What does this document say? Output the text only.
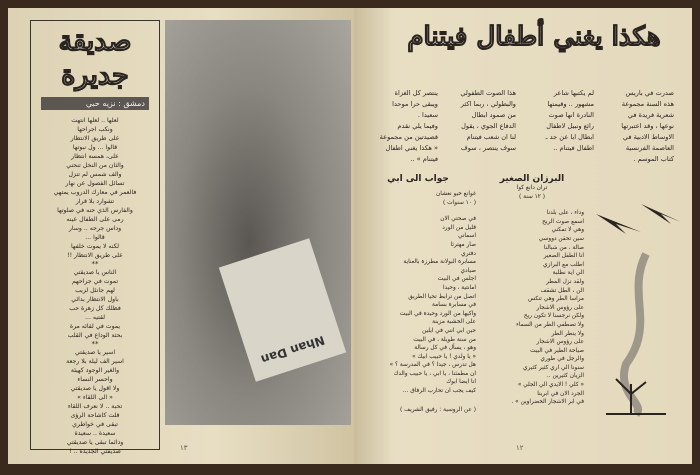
صديقة
جديرة
دمشق : نزيه حبي
لعلها .. لعلها انتهت
ونكب اجراحها
على طريق الانتظار
قالوا ... ول نبوتها
على، همسة انتظار
والثان من النخل تنحني
والف شمس لم تنزل
تسائل الفصول عن نهار
فالعمر في معارك الدروب يمتهي
تشوارد بلا قرار
والفارس الذي حنه في صلوتها
رمى على الطفال عينه
وداس جرحه .. وسار
قالوا ...
لكنه لا يموت خلفها
على طريق الانتظار !!
**
الناس يا صديقتي
تموت في جراحهم
لهم جانئل لزيب
باول الانتظار بدائي
فظلك كل زهرة حب
لقتيه ...
يموت في لقائه مرة
بحثة الوداع في القلب
**
اسير يا صديقتي
اسير الف ليلة بلا رجعة
والغير الوجود كهيئة
واحسر النساء
ولا اقول يا صديقتي
« الى اللقاء »
تحبة .. لا نعرف اللقاء
قلت كاشاحة الرؤى
تبقى في خواطري
سعيدة .. سعيدة
ودائما تبقى يا صديقتي
صديقتي الجديدة .. !
Nhan Dan
١٣
هكذا يغني أطفال فيتنام
صدرت في باريس
هذه السنة مجموعة
شعرية فريدة في
نوعها ، وقد اعتبرتها
الاوساط الادبية في
العاصمة الفرنسية
كتاب الموسم .
لم يكتبها شاعر
مشهور .. وقيمتها
النادرة انها صوت
رائع ونبيل لاطفال
ابطال ابا عن جد ـ
اطفال فيتنام ..
هذا الصوت الطفولي
والبطولي ، ربما اكثر
من صمود ابطال
الدفاع الجوي ، يقول
لنا ان شعب فيتنام
سوف ينتصر ، سوف
ينتصر كل الغزاة
ويبقى حرا موحدا
سعيدا .
وفيما يلي نقدم
قصيدتين من مجموعة
« هكذا يغني اطفال
فيتنام » ..
البرزان الصغير
تران دانغ كوا
( ١٢ سنة )
وداء ، على بلدنا
اسمع صوت الريح
وهي لا تمكني
سين تحقن دووسي
صالة ، من شبالنا
انا الطفل الصغير
اطلب مع البرازي
الي اية نطلبة
ولقد نزل المطر
الن ، الطل تشقف
مراسا الطر وهي تنكس
على رؤوس الاشجار
ولكن نرجسنا لا تكون ريح
ولا تصطفي الطر من السماء
ولا ينطر الطر
على رؤوس الاشجار
صياحة الطير في البيت
والرجل في طوري
سنونا الي اري كثير كثيري
الزيان كثيرين ..
« كلي ! الايدي الي الجلي »
الجرد الان في ابرينا
في ابر الاشجار الخضراوين » .
جواب الى ابي
غوانغ خيو نغشان
( ١٠ سنوات )
في صحتي الان
قليل من الورد
اسماني
صار مهترئا
دفتري
مسابرة البولانة مطرزة بالعناية
صيادي
اجلس في البيت
امانتية ، وحيدا
اتصل من ترابط تحيا الطريق
في مسابرة بسامة
واكيها من الورد وحيدة في البيت
على الخشبة مزينة
حين ابي انني في ايلين
من سنة طويلة ، في البيت
وهو ، يسأل في كل رسالة
« يا ولدي ! يا حبيب ابيك »
هل تدرس ، جيدا ؟ في المدرسة ؟ »
ان مطمئنا ، يا ابي ، يا حبيب والدك
انا ايضا ابوك
كيف يجب ان تحارب الرفاق ...
( عن الروسية : رفيق الشريف )
١٢
